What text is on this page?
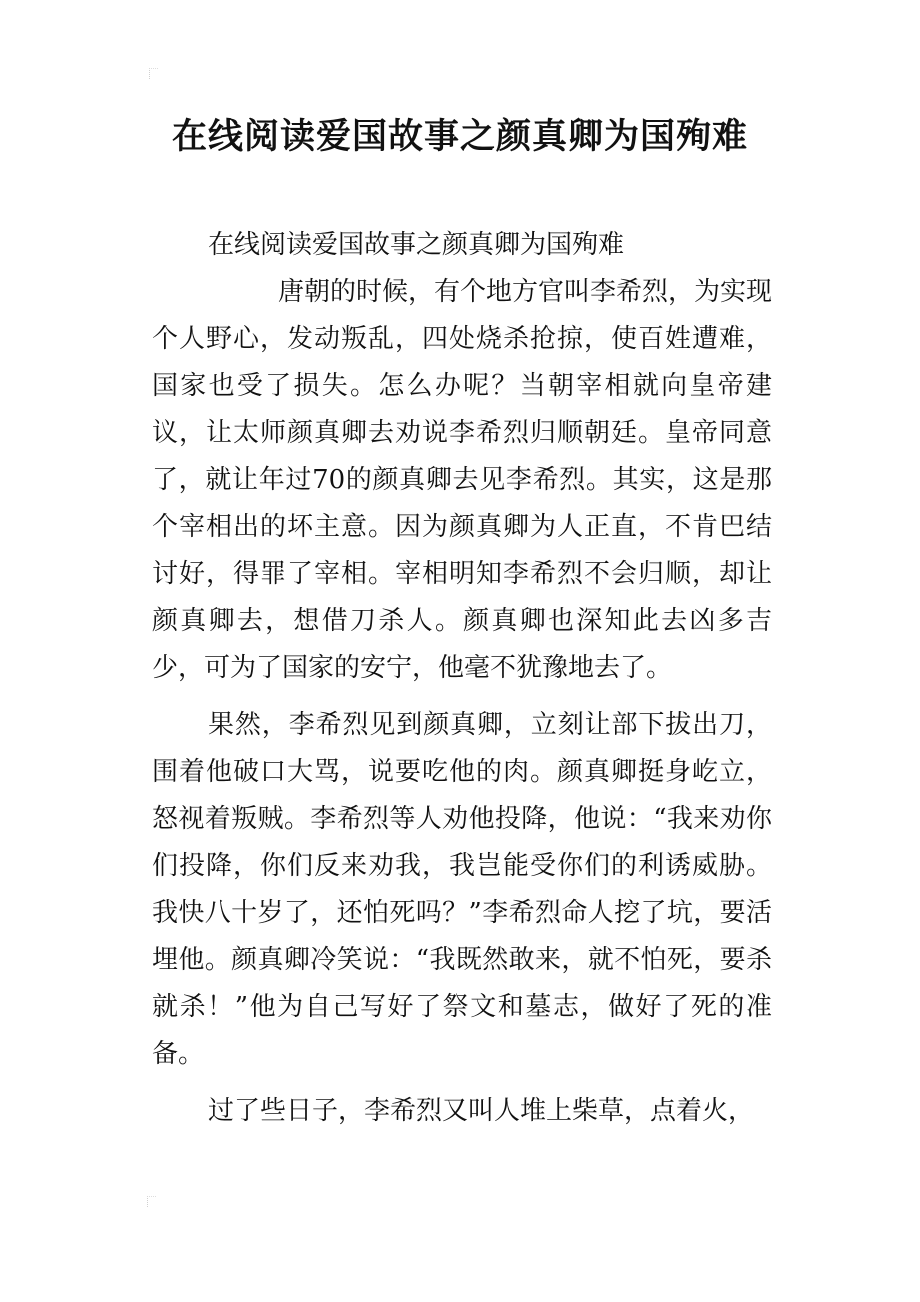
在线阅读爱国故事之颜真卿为国殉难

在线阅读爱国故事之颜真卿为国殉难

唐朝的时候，有个地方官叫李希烈，为实现个人野心，发动叛乱，四处烧杀抢掠，使百姓遭难，国家也受了损失。怎么办呢？当朝宰相就向皇帝建议，让太师颜真卿去劝说李希烈归顺朝廷。皇帝同意了，就让年过70的颜真卿去见李希烈。其实，这是那个宰相出的坏主意。因为颜真卿为人正直，不肯巴结讨好，得罪了宰相。宰相明知李希烈不会归顺，却让颜真卿去，想借刀杀人。颜真卿也深知此去凶多吉少，可为了国家的安宁，他毫不犹豫地去了。

果然，李希烈见到颜真卿，立刻让部下拔出刀，围着他破口大骂，说要吃他的肉。颜真卿挺身屹立，怒视着叛贼。李希烈等人劝他投降，他说：“我来劝你们投降，你们反来劝我，我岂能受你们的利诱威胁。我快八十岁了，还怕死吗？”李希烈命人挖了坑，要活埋他。颜真卿冷笑说：“我既然敢来，就不怕死，要杀就杀！”他为自己写好了祭文和墓志，做好了死的准备。

过了些日子，李希烈又叫人堆上柴草，点着火，
